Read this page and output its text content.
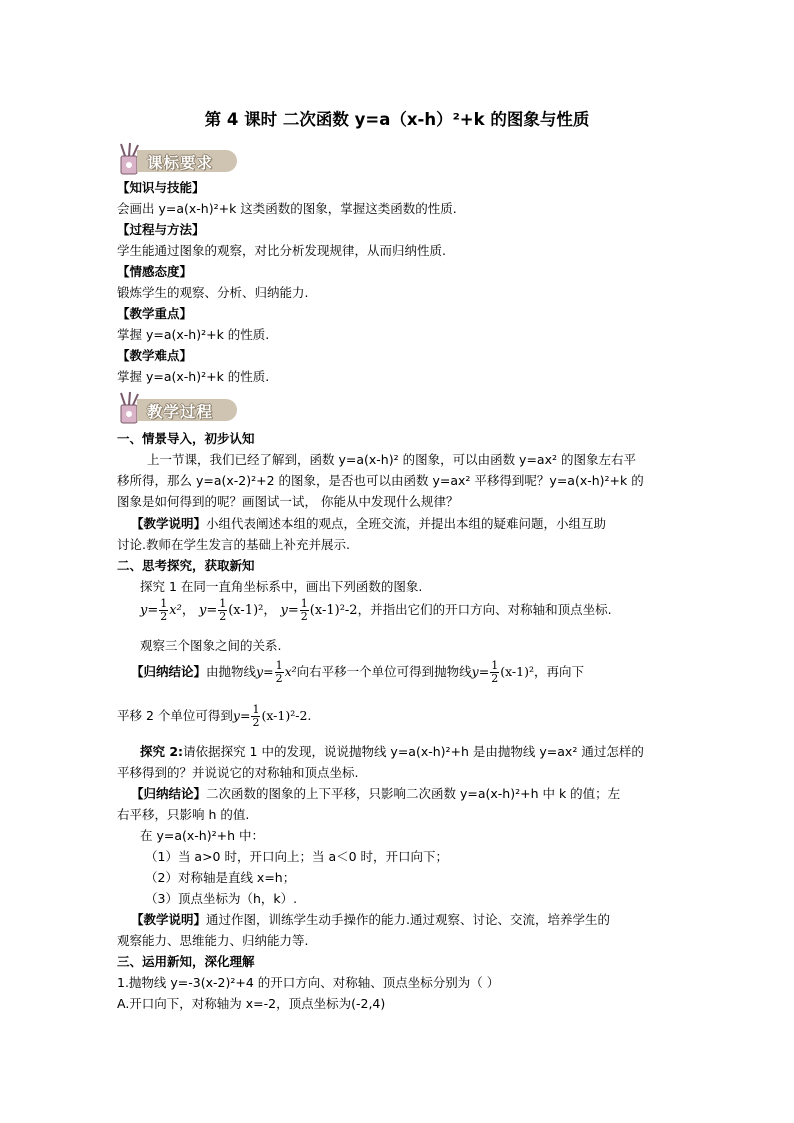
第 4 课时 二次函数 y=a（x-h）²+k 的图象与性质
课标要求
【知识与技能】
会画出 y=a(x-h)²+k 这类函数的图象，掌握这类函数的性质.
【过程与方法】
学生能通过图象的观察，对比分析发现规律，从而归纳性质.
【情感态度】
锻炼学生的观察、分析、归纳能力.
【教学重点】
掌握 y=a(x-h)²+k 的性质.
【教学难点】
掌握 y=a(x-h)²+k 的性质.
教学过程
一、情景导入，初步认知
上一节课，我们已经了解到，函数 y=a(x-h)² 的图象，可以由函数 y=ax² 的图象左右平
移所得，那么 y=a(x-2)²+2 的图象，是否也可以由函数 y=ax² 平移得到呢？y=a(x-h)²+k 的
图象是如何得到的呢？画图试一试， 你能从中发现什么规律？
【教学说明】小组代表阐述本组的观点，全班交流，并提出本组的疑难问题，小组互助
讨论.教师在学生发言的基础上补充并展示.
二、思考探究，获取新知
探究 1 在同一直角坐标系中，画出下列函数的图象.
$y= \frac{1}{2} x^2$， $y= \frac{1}{2} (x-1)^2$， $y= \frac{1}{2} (x-1)^2-2$，并指出它们的开口方向、对称轴和顶点坐标.
观察三个图象之间的关系.
【归纳结论】由抛物线$y= \frac{1}{2} x^2$向右平移一个单位可得到抛物线$y= \frac{1}{2} (x-1)^2$，再向下
平移 2 个单位可得到$y= \frac{1}{2} (x-1)^2-2$.
探究 2:请依据探究 1 中的发现，说说抛物线 y=a(x-h)²+h 是由抛物线 y=ax² 通过怎样的
平移得到的？并说说它的对称轴和顶点坐标.
【归纳结论】二次函数的图象的上下平移，只影响二次函数 y=a(x-h)²+h 中 k 的值；左
右平移，只影响 h 的值.
在 y=a(x-h)²+h 中：
（1）当 a>0 时，开口向上；当 a＜0 时，开口向下；
（2）对称轴是直线 x=h；
（3）顶点坐标为（h，k）.
【教学说明】通过作图，训练学生动手操作的能力.通过观察、讨论、交流，培养学生的
观察能力、思维能力、归纳能力等.
三、运用新知，深化理解
1.抛物线 y=-3(x-2)²+4 的开口方向、对称轴、顶点坐标分别为（ ）
A.开口向下，对称轴为 x=-2，顶点坐标为(-2,4)
